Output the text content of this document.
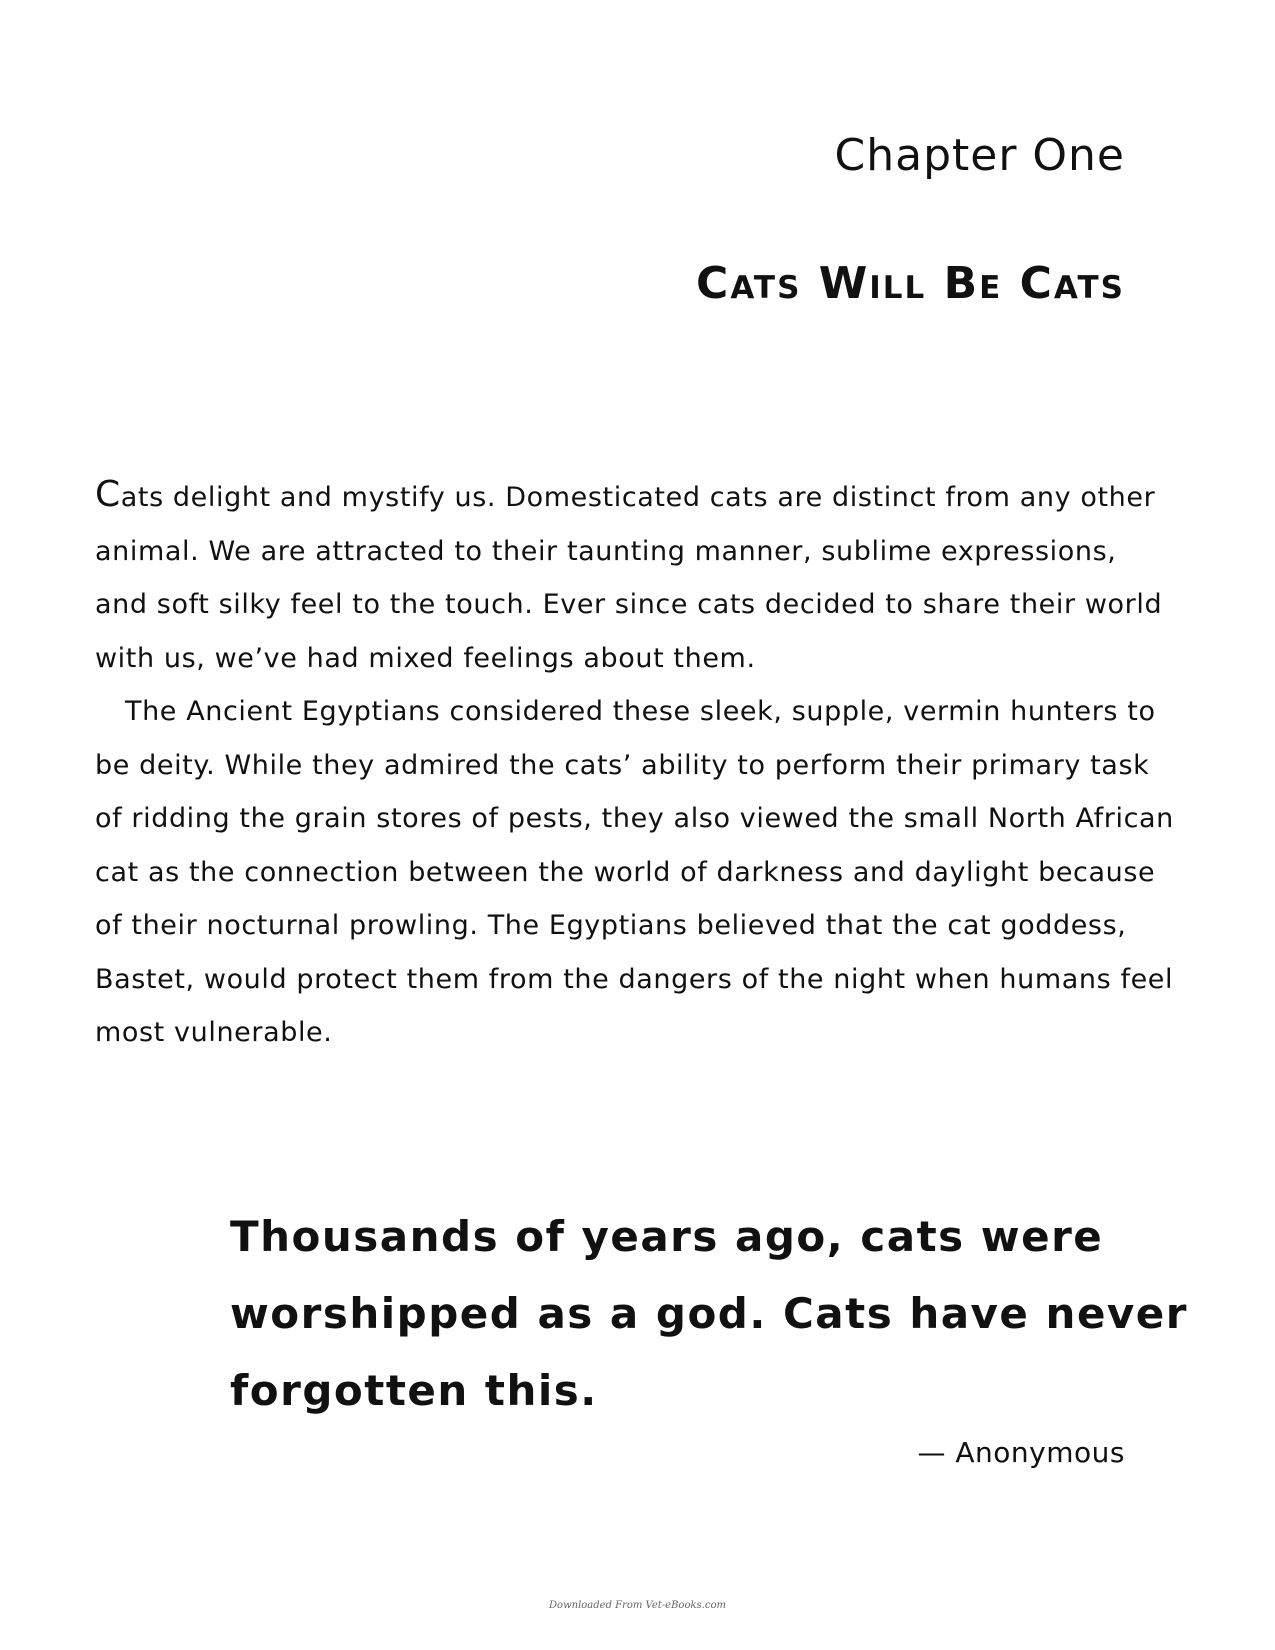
Chapter One
Cats Will Be Cats

Cats delight and mystify us. Domesticated cats are distinct from any other animal. We are attracted to their taunting manner, sublime expressions, and soft silky feel to the touch. Ever since cats decided to share their world with us, we’ve had mixed feelings about them.

The Ancient Egyptians considered these sleek, supple, vermin hunters to be deity. While they admired the cats’ ability to perform their primary task of ridding the grain stores of pests, they also viewed the small North African cat as the connection between the world of darkness and daylight because of their nocturnal prowling. The Egyptians believed that the cat goddess, Bastet, would protect them from the dangers of the night when humans feel most vulnerable.

Thousands of years ago, cats were worshipped as a god. Cats have never forgotten this.

— Anonymous

Downloaded From Vet-eBooks.com
